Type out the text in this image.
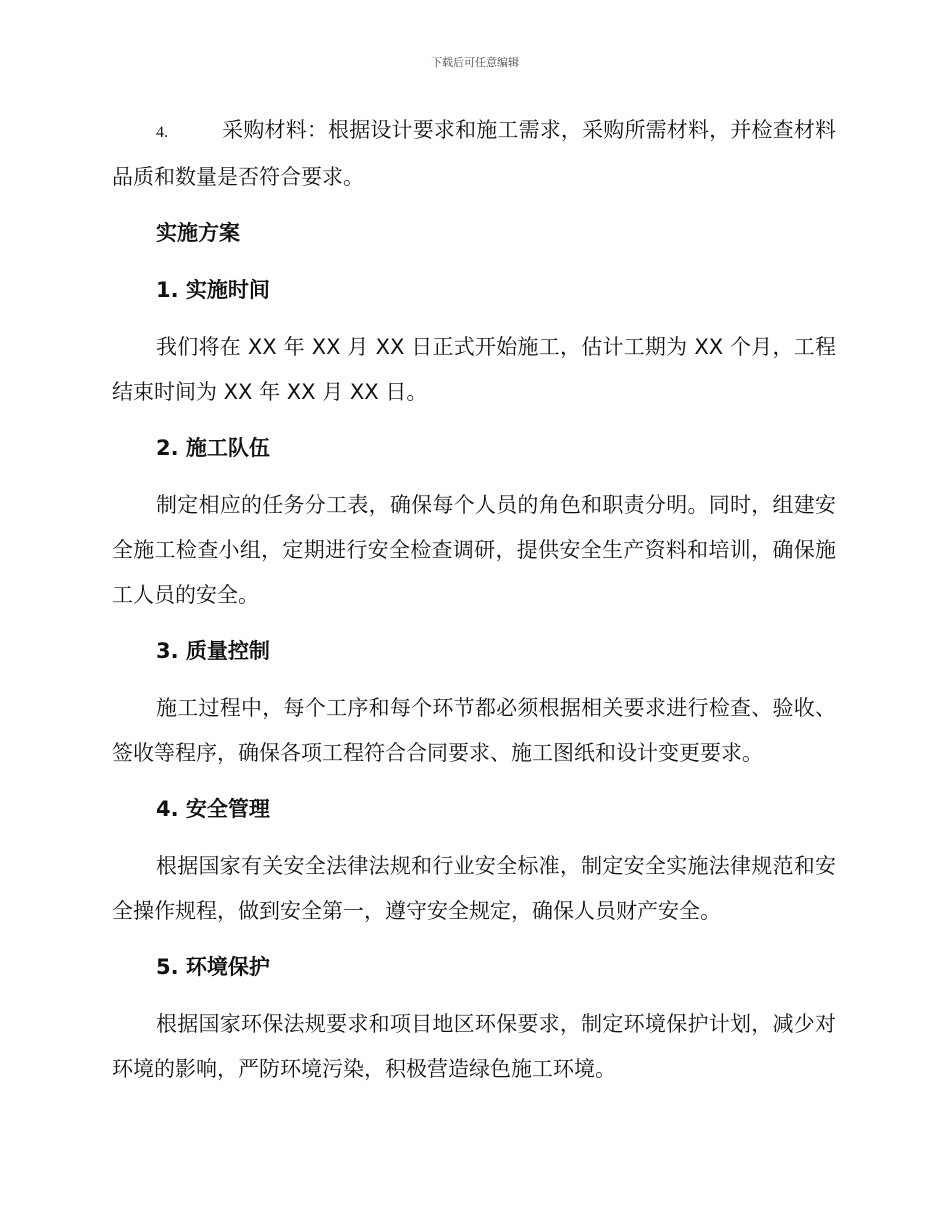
下载后可任意编辑

4.	采购材料：根据设计要求和施工需求，采购所需材料，并检查材料品质和数量是否符合要求。

实施方案

1. 实施时间

我们将在 XX 年 XX 月 XX 日正式开始施工，估计工期为 XX 个月，工程结束时间为 XX 年 XX 月 XX 日。

2. 施工队伍

制定相应的任务分工表，确保每个人员的角色和职责分明。同时，组建安全施工检查小组，定期进行安全检查调研，提供安全生产资料和培训，确保施工人员的安全。

3. 质量控制

施工过程中，每个工序和每个环节都必须根据相关要求进行检查、验收、签收等程序，确保各项工程符合合同要求、施工图纸和设计变更要求。

4. 安全管理

根据国家有关安全法律法规和行业安全标准，制定安全实施法律规范和安全操作规程，做到安全第一，遵守安全规定，确保人员财产安全。

5. 环境保护

根据国家环保法规要求和项目地区环保要求，制定环境保护计划，减少对环境的影响，严防环境污染，积极营造绿色施工环境。
